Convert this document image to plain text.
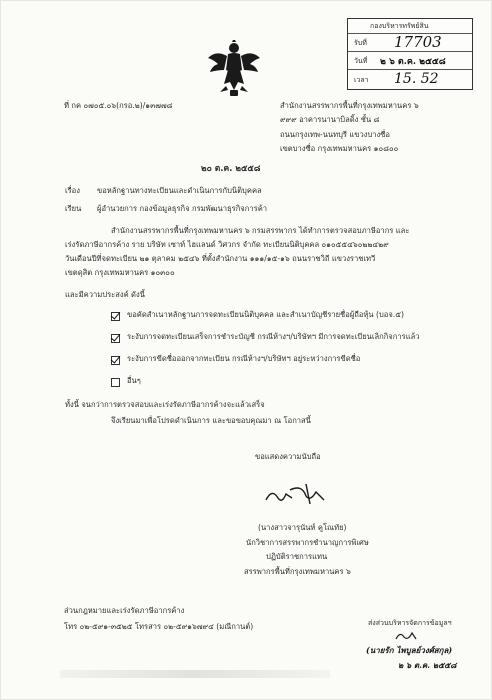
กองบริหารทรัพย์สิน
รับที่ 17703
วันที่ ๒ ๖ ต.ค. ๒๕๕๘
เวลา 15. 52
ที่ กค ๐๗๐๕.๐๖(กรอ.๒)/๑๓๗๗๘	สำนักงานสรรพากรพื้นที่กรุงเทพมหานคร ๖
๙๙๙ อาคารนานาบิลดิ้ง ชั้น ๘
ถนนกรุงเทพ-นนทบุรี แขวงบางซื่อ
เขตบางซื่อ กรุงเทพมหานคร ๑๐๘๐๐
๒๐ ต.ค. ๒๕๕๘
เรื่อง ขอหลักฐานทางทะเบียนและดำเนินการกับนิติบุคคล
เรียน ผู้อำนวยการ กองข้อมูลธุรกิจ กรมพัฒนาธุรกิจการค้า
สำนักงานสรรพากรพื้นที่กรุงเทพมหานคร ๖ กรมสรรพากร ได้ทำการตรวจสอบภาษีอากร และ
เร่งรัดภาษีอากรค้าง ราย บริษัท เซาท์ ไฮแลนด์ วิศวกร จำกัด ทะเบียนนิติบุคคล ๐๑๐๕๕๔๖๐๒๒๔๒๙
วันเดือนปีที่จดทะเบียน ๒๑ ตุลาคม ๒๕๔๖ ที่ตั้งสำนักงาน ๑๑๑/๑๕-๑๖ ถนนราชวิถี แขวงราชเทวี
เขตดุสิต กรุงเทพมหานคร ๑๐๓๐๐
และมีความประสงค์ ดังนี้
ขอคัดสำเนาหลักฐานการจดทะเบียนนิติบุคคล และสำเนาบัญชีรายชื่อผู้ถือหุ้น (บอจ.๕)
ระงับการจดทะเบียนเสร็จการชำระบัญชี กรณีห้างฯ/บริษัทฯ มีการจดทะเบียนเลิกกิจการแล้ว
ระงับการขีดชื่อออกจากทะเบียน กรณีห้างฯ/บริษัทฯ อยู่ระหว่างการขีดชื่อ
อื่นๆ
ทั้งนี้ จนกว่าการตรวจสอบและเร่งรัดภาษีอากรค้างจะแล้วเสร็จ
จึงเรียนมาเพื่อโปรดดำเนินการ และขอขอบคุณมา ณ โอกาสนี้
ขอแสดงความนับถือ
(นางสาวจารุนันท์ คูโณทัย)
นักวิชาการสรรพากรชำนาญการพิเศษ
ปฏิบัติราชการแทน
สรรพากรพื้นที่กรุงเทพมหานคร ๖
ส่วนกฎหมายและเร่งรัดภาษีอากรค้าง
โทร ๐๒-๕๙๑-๓๕๒๕ โทรสาร ๐๒-๕๙๑๖๗๙๔ (มณีกานต์)	ส่งส่วนบริหารจัดการข้อมูลฯ
(นายรัก ไพบูลย์วงศ์สกุล)
๒ ๖ ต.ค. ๒๕๕๘
